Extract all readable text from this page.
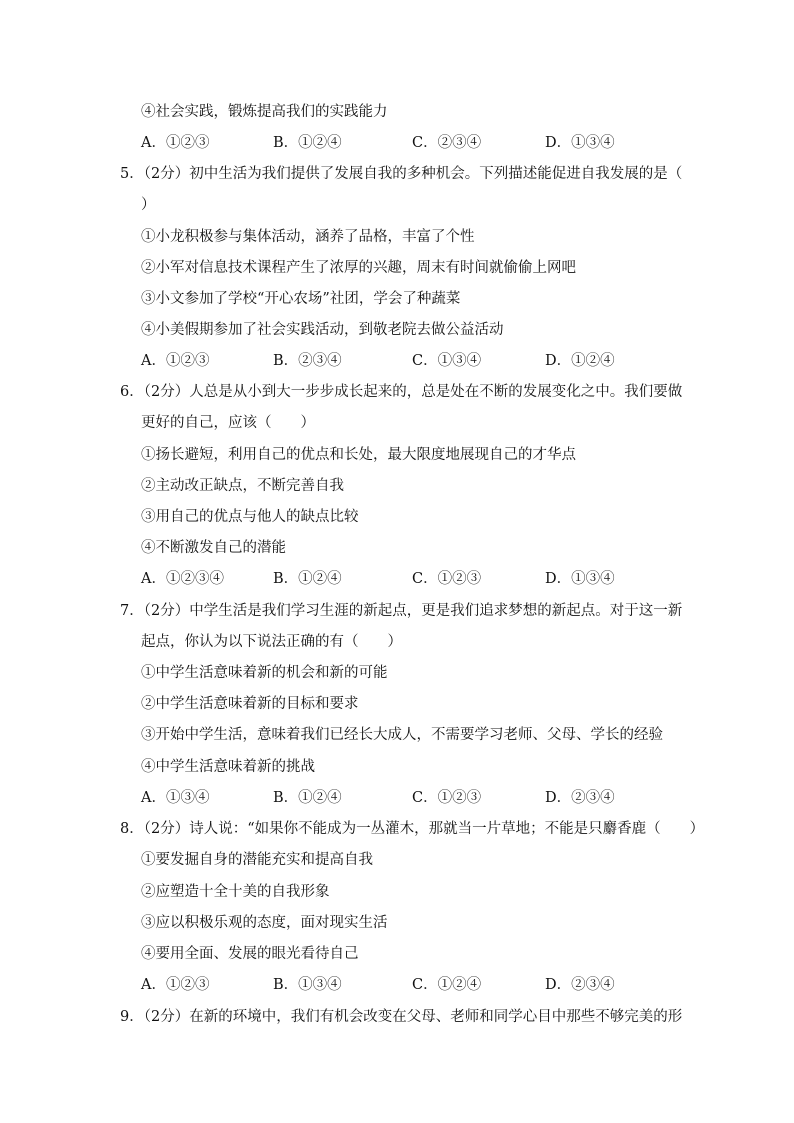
④社会实践，锻炼提高我们的实践能力
A．①②③	B．①②④	C．②③④	D．①③④
5．（2分）初中生活为我们提供了发展自我的多种机会。下列描述能促进自我发展的是（
）
①小龙积极参与集体活动，涵养了品格，丰富了个性
②小军对信息技术课程产生了浓厚的兴趣，周末有时间就偷偷上网吧
③小文参加了学校“开心农场”社团，学会了种蔬菜
④小美假期参加了社会实践活动，到敬老院去做公益活动
A．①②③	B．②③④	C．①③④	D．①②④
6．（2分）人总是从小到大一步步成长起来的，总是处在不断的发展变化之中。我们要做
更好的自己，应该（　　）
①扬长避短，利用自己的优点和长处，最大限度地展现自己的才华点
②主动改正缺点，不断完善自我
③用自己的优点与他人的缺点比较
④不断激发自己的潜能
A．①②③④	B．①②④	C．①②③	D．①③④
7．（2分）中学生活是我们学习生涯的新起点，更是我们追求梦想的新起点。对于这一新
起点，你认为以下说法正确的有（　　）
①中学生活意味着新的机会和新的可能
②中学生活意味着新的目标和要求
③开始中学生活，意味着我们已经长大成人，不需要学习老师、父母、学长的经验
④中学生活意味着新的挑战
A．①③④	B．①②④	C．①②③	D．②③④
8．（2分）诗人说：“如果你不能成为一丛灌木，那就当一片草地；不能是只麝香鹿（　　）
①要发掘自身的潜能充实和提高自我
②应塑造十全十美的自我形象
③应以积极乐观的态度，面对现实生活
④要用全面、发展的眼光看待自己
A．①②③	B．①③④	C．①②④	D．②③④
9．（2分）在新的环境中，我们有机会改变在父母、老师和同学心目中那些不够完美的形
